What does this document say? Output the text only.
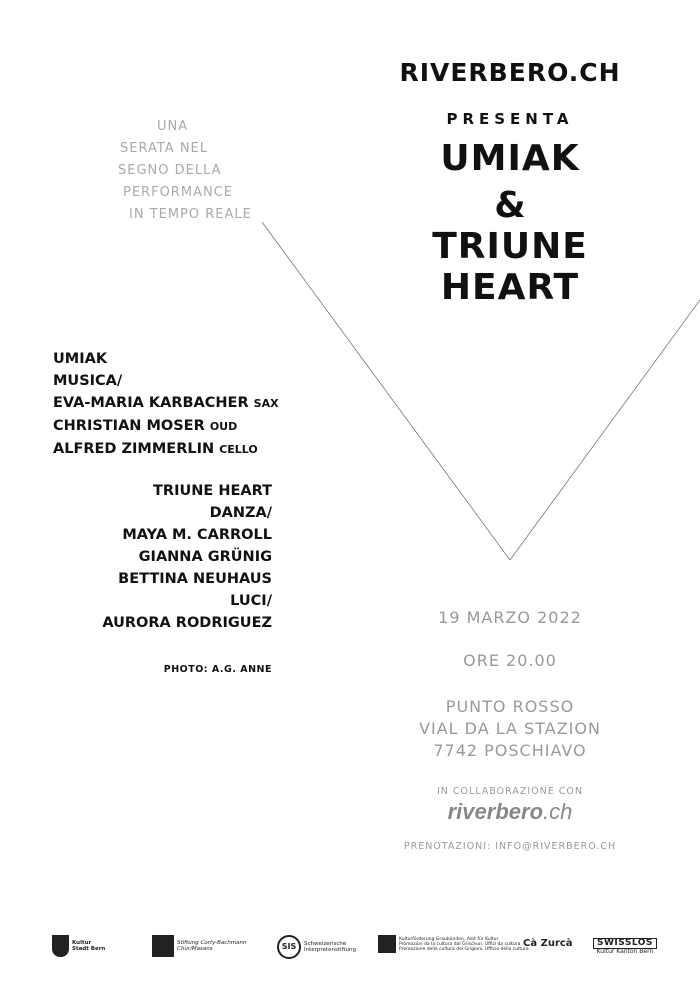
RIVERBERO.CH
PRESENTA
UMIAK
&
TRIUNE HEART
UNA
SERATA NEL
SEGNO DELLA
PERFORMANCE
IN TEMPO REALE
UMIAK
MUSICA/
EVA-MARIA KARBACHER SAX
CHRISTIAN MOSER OUD
ALFRED ZIMMERLIN CELLO
TRIUNE HEART
DANZA/
MAYA M. CARROLL
GIANNA GRÜNIG
BETTINA NEUHAUS
LUCI/
AURORA RODRIGUEZ
PHOTO: A.G. ANNE
19 MARZO 2022
ORE 20.00
PUNTO ROSSO
VIAL DA LA STAZION
7742 POSCHIAVO
IN COLLABORAZIONE CON
riverbero.ch
PRENOTAZIONI: INFO@RIVERBERO.CH
Kultur
Stadt Bern
Stiftung Corty-Bachmann
Chur/Masans	SIS	Schweizerische
Interpretenstiftung
Kulturförderung Graubünden. Amt für Kultur
Promoziun da la cultura dal Grischun. Uffizi da cultura
Promozione della cultura dei Grigioni. Ufficio della cultura
Cà Zurcà	SWISSLOS
Kultur Kanton Bern
